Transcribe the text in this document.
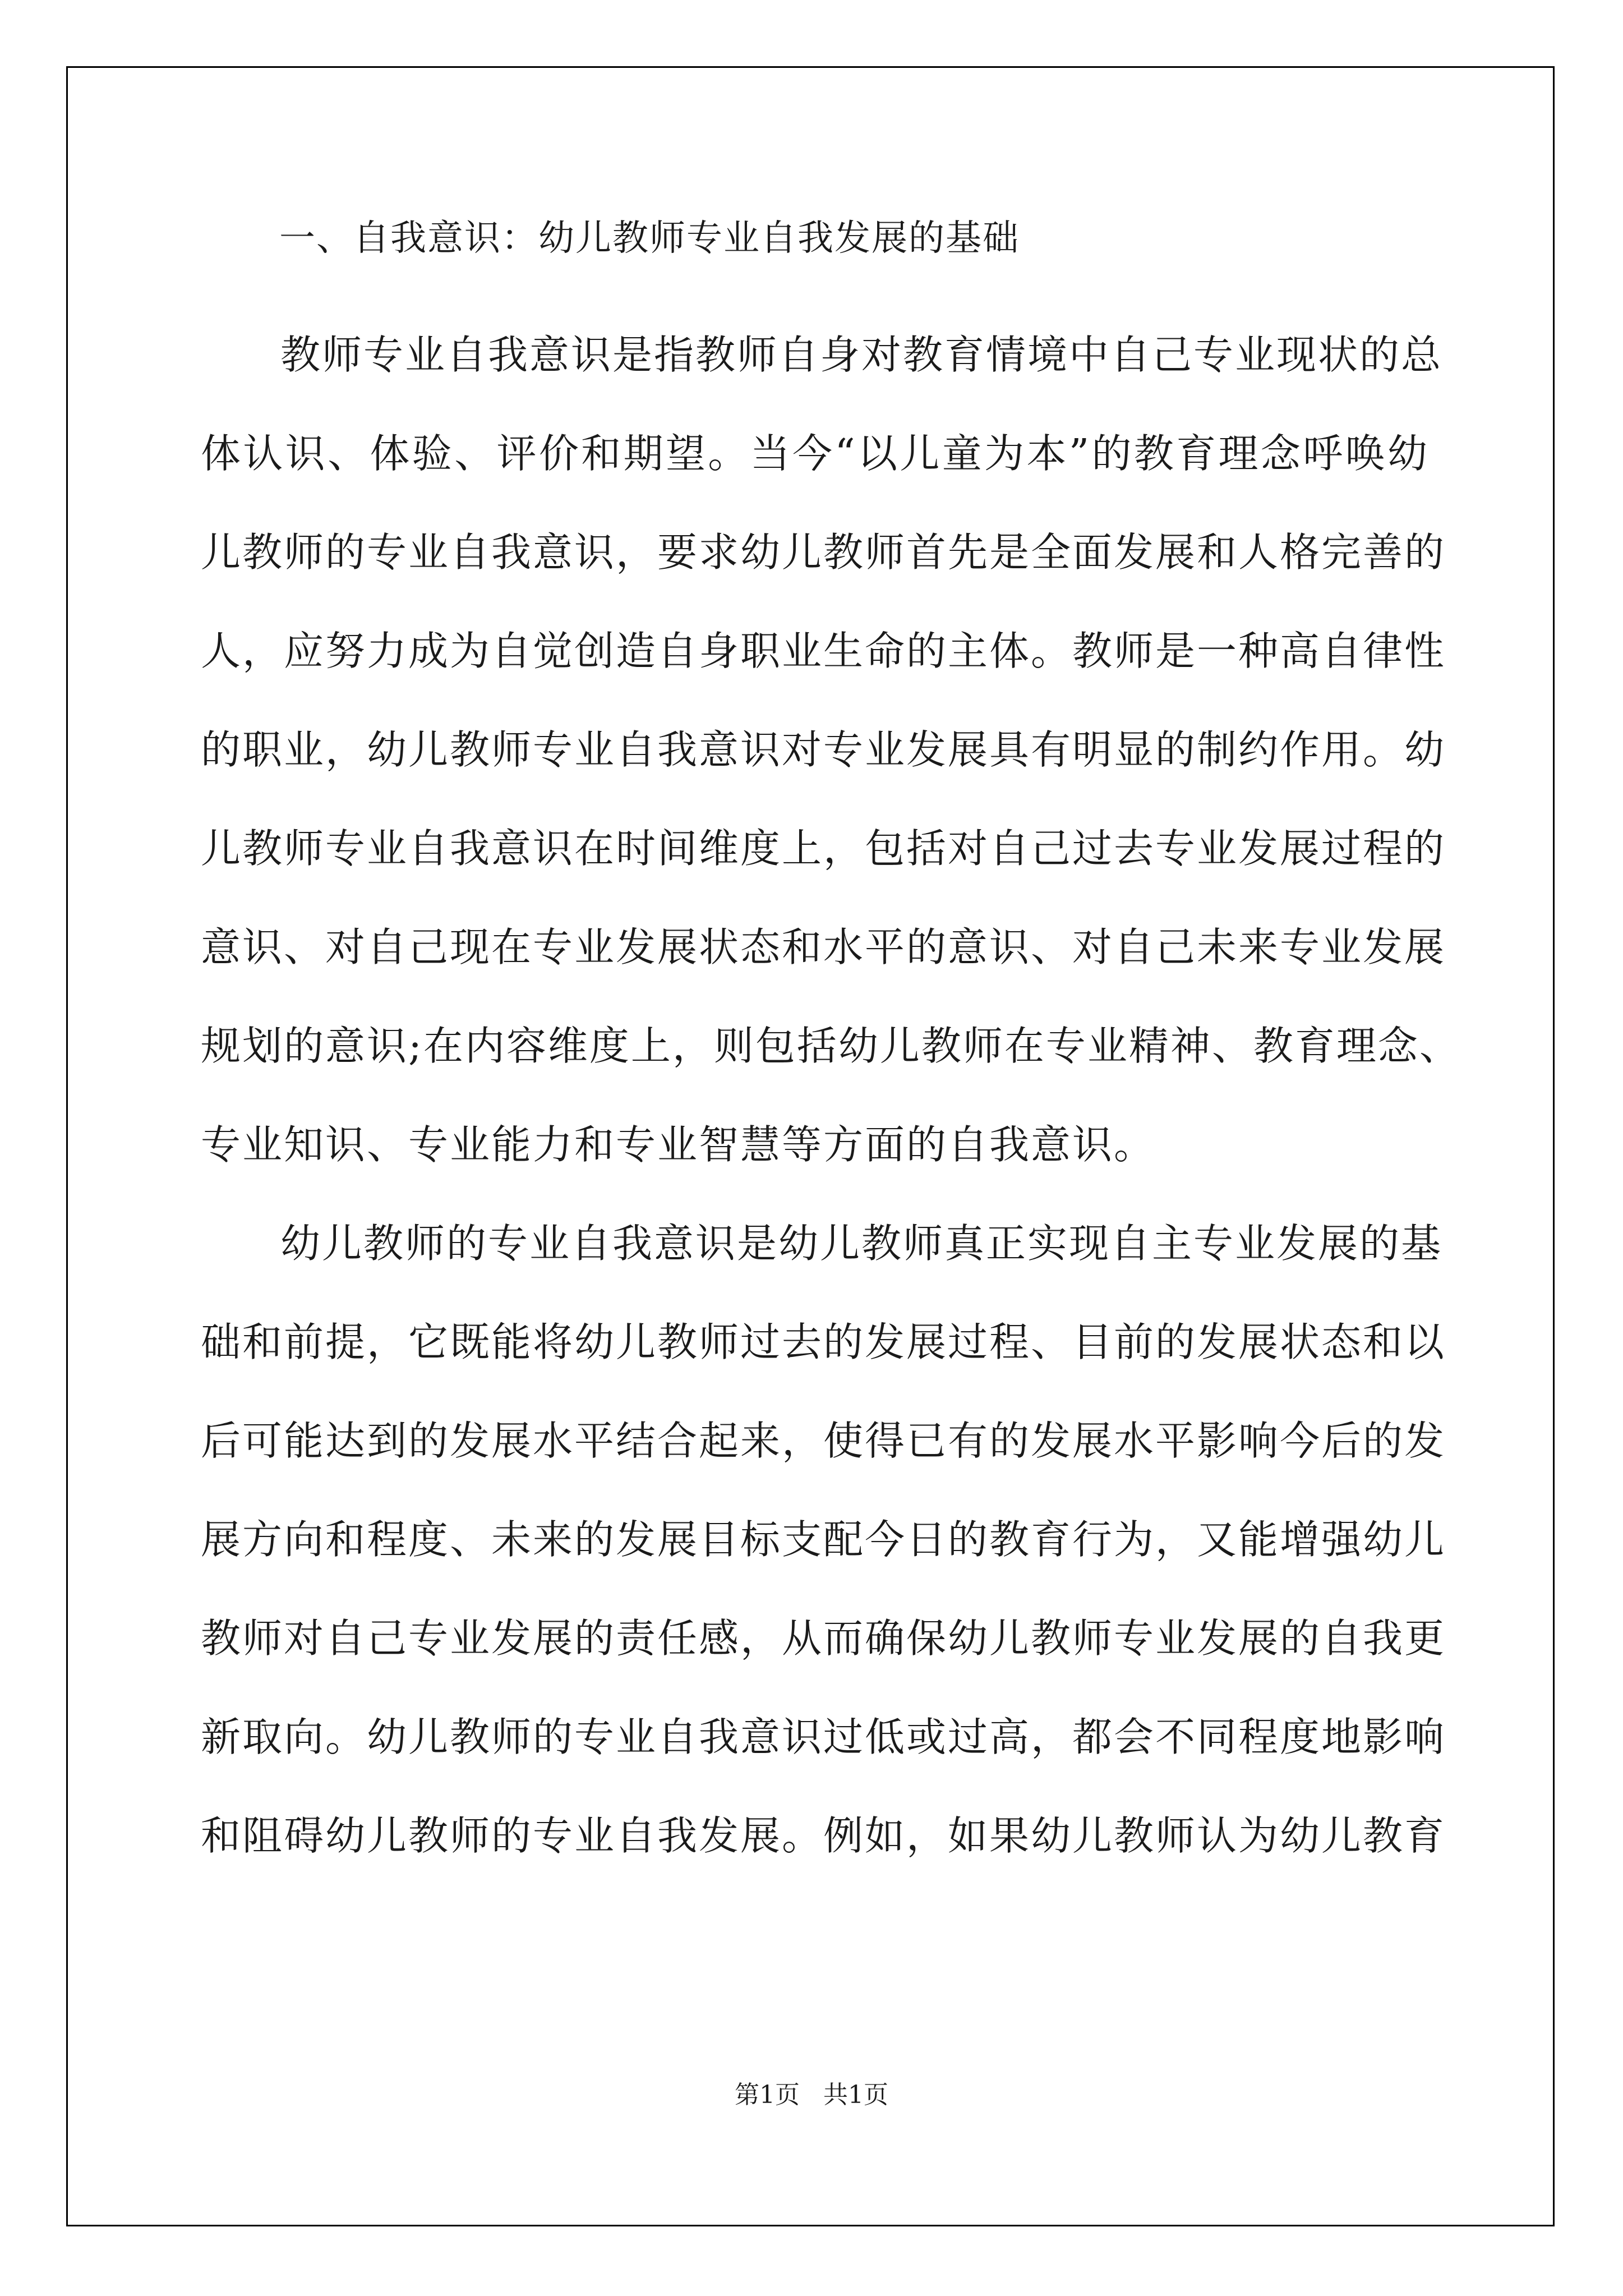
一、自我意识：幼儿教师专业自我发展的基础

教师专业自我意识是指教师自身对教育情境中自己专业现状的总

体认识、体验、评价和期望。当今“以儿童为本”的教育理念呼唤幼

儿教师的专业自我意识，要求幼儿教师首先是全面发展和人格完善的

人，应努力成为自觉创造自身职业生命的主体。教师是一种高自律性

的职业，幼儿教师专业自我意识对专业发展具有明显的制约作用。幼

儿教师专业自我意识在时间维度上，包括对自己过去专业发展过程的

意识、对自己现在专业发展状态和水平的意识、对自己未来专业发展

规划的意识;在内容维度上，则包括幼儿教师在专业精神、教育理念、

专业知识、专业能力和专业智慧等方面的自我意识。

幼儿教师的专业自我意识是幼儿教师真正实现自主专业发展的基

础和前提，它既能将幼儿教师过去的发展过程、目前的发展状态和以

后可能达到的发展水平结合起来，使得已有的发展水平影响今后的发

展方向和程度、未来的发展目标支配今日的教育行为，又能增强幼儿

教师对自己专业发展的责任感，从而确保幼儿教师专业发展的自我更

新取向。幼儿教师的专业自我意识过低或过高，都会不同程度地影响

和阻碍幼儿教师的专业自我发展。例如，如果幼儿教师认为幼儿教育

第1页 共1页
